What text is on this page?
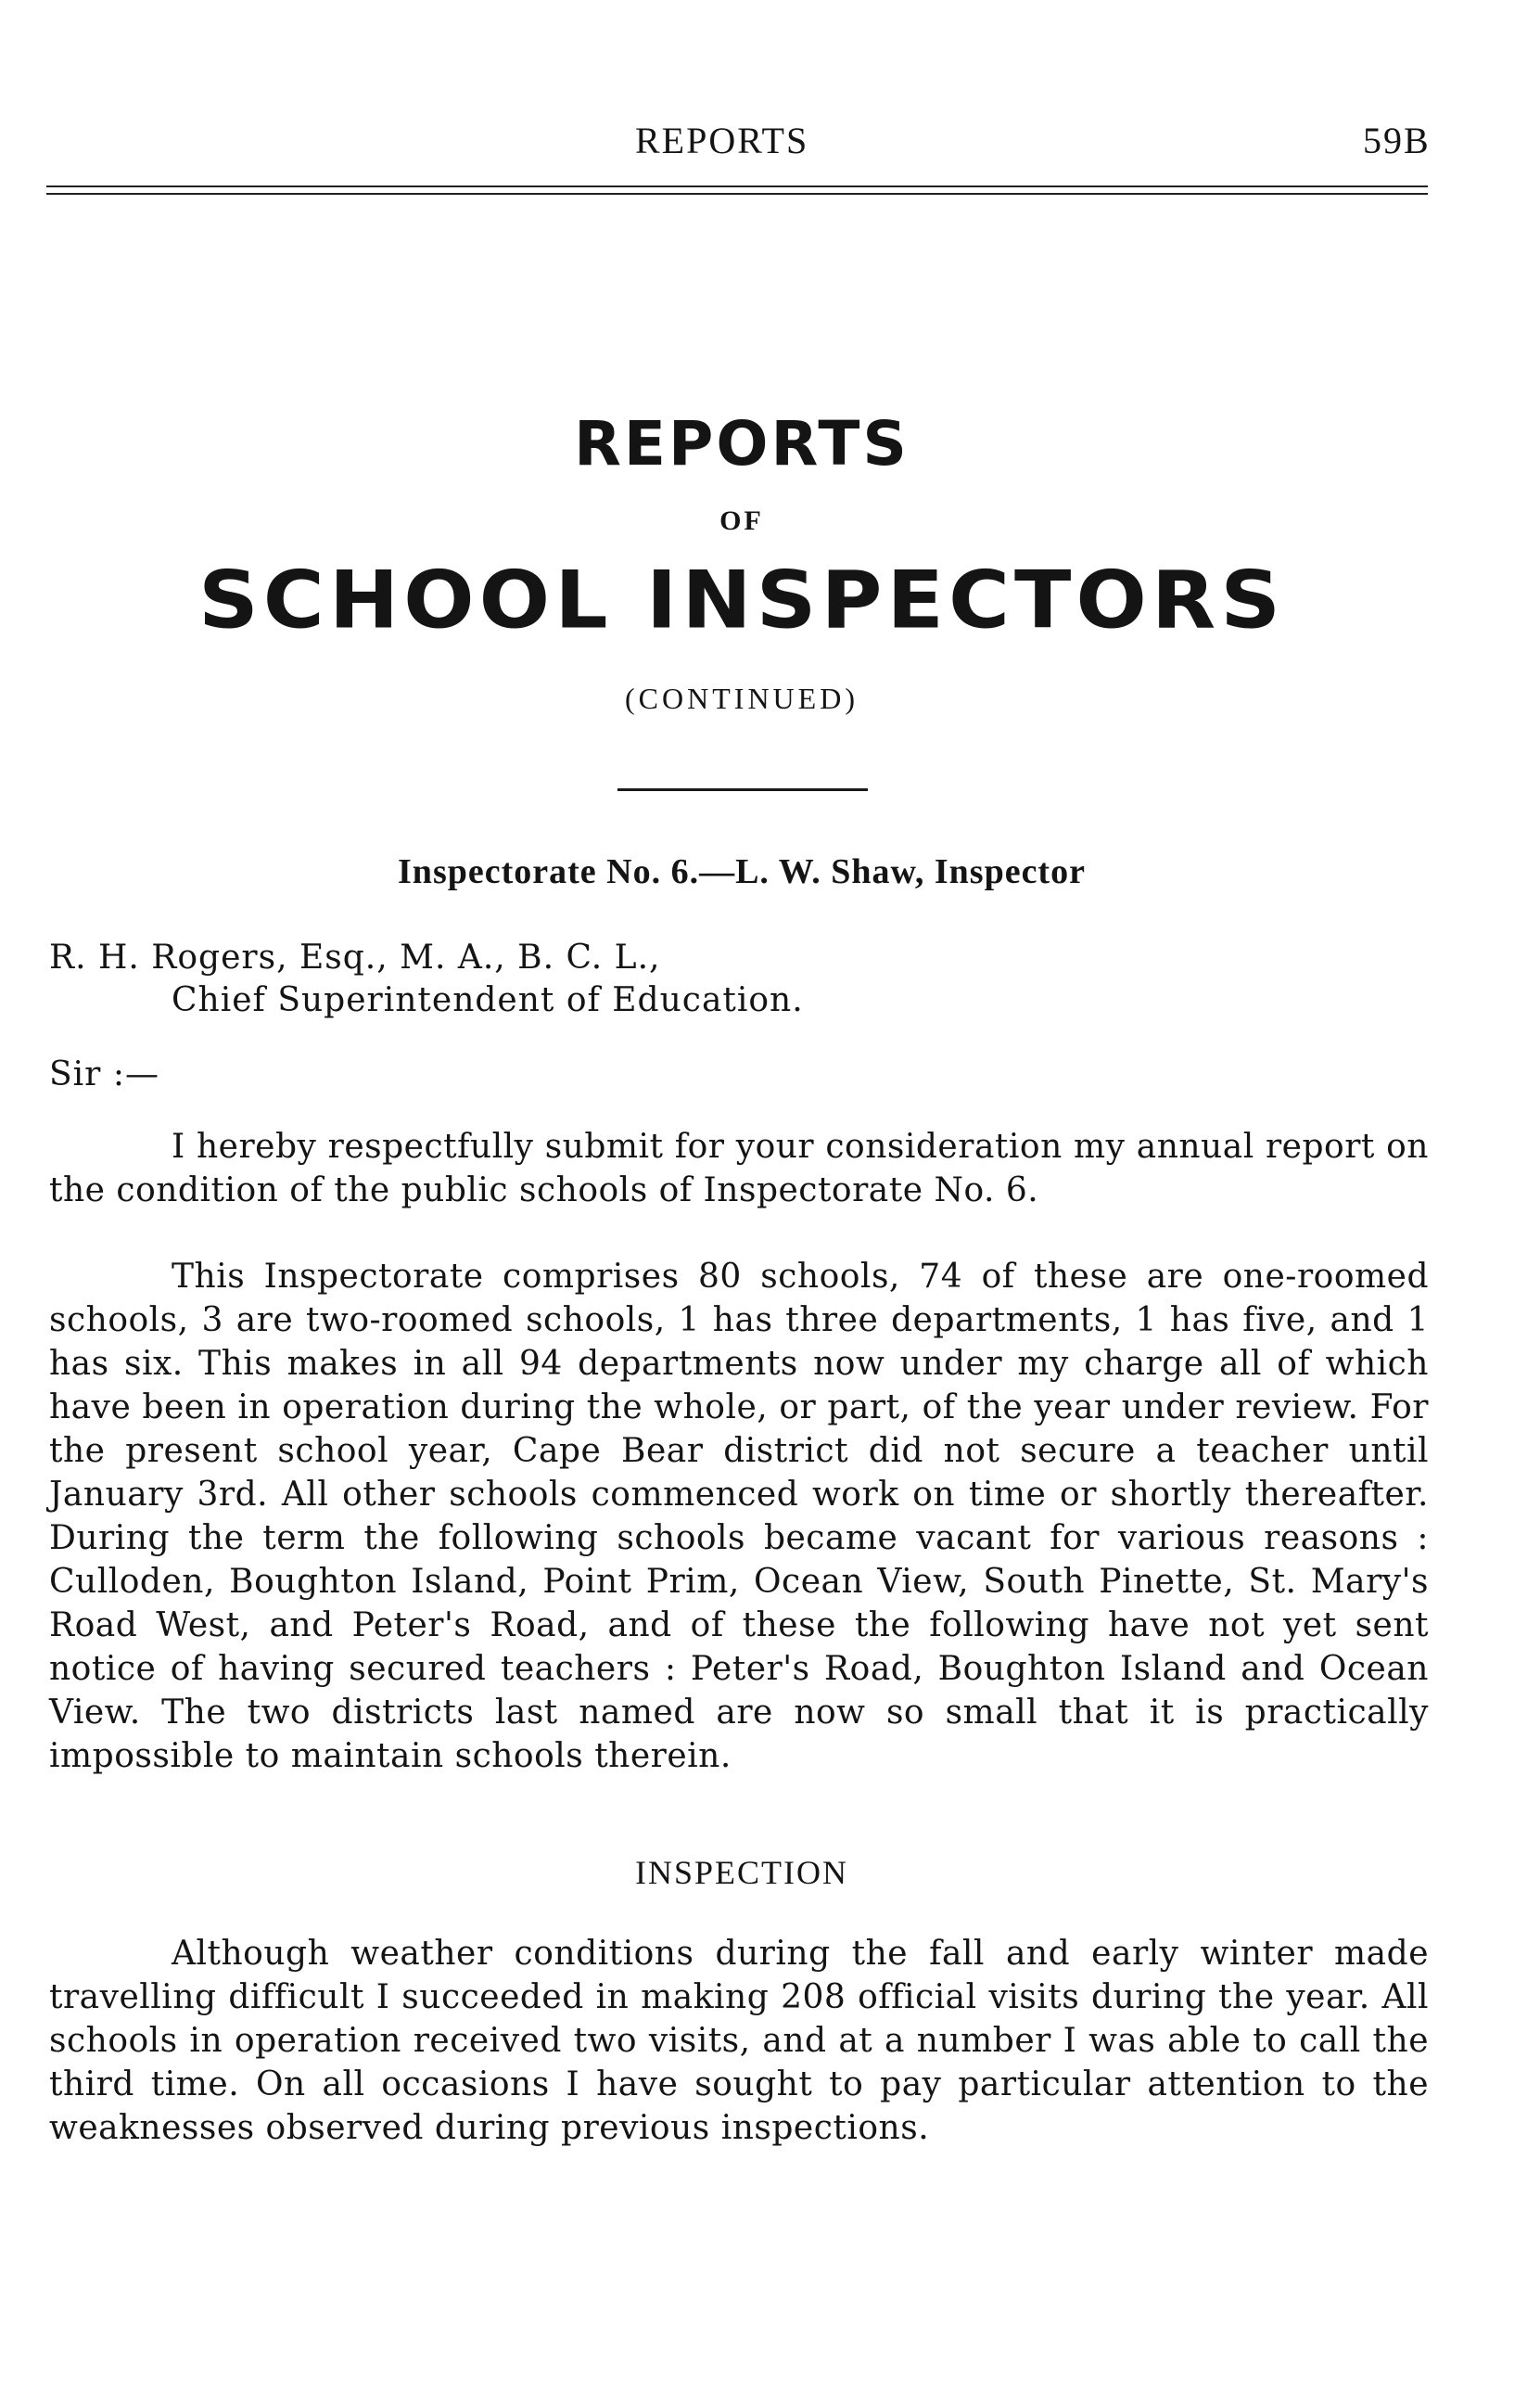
REPORTS	59B
REPORTS
OF
SCHOOL INSPECTORS
(CONTINUED)
Inspectorate No. 6.—L. W. Shaw, Inspector
R. H. Rogers, Esq., M. A., B. C. L.,
Chief Superintendent of Education.
Sir :—
I hereby respectfully submit for your consideration my annual report on the condition of the public schools of Inspectorate No. 6.
This Inspectorate comprises 80 schools, 74 of these are one-roomed schools, 3 are two-roomed schools, 1 has three departments, 1 has five, and 1 has six. This makes in all 94 departments now under my charge all of which have been in operation during the whole, or part, of the year under review. For the present school year, Cape Bear district did not secure a teacher until January 3rd. All other schools commenced work on time or shortly thereafter. During the term the following schools became vacant for various reasons : Culloden, Boughton Island, Point Prim, Ocean View, South Pinette, St. Mary's Road West, and Peter's Road, and of these the following have not yet sent notice of having secured teachers : Peter's Road, Boughton Island and Ocean View. The two districts last named are now so small that it is practically impossible to maintain schools therein.
INSPECTION
Although weather conditions during the fall and early winter made travelling difficult I succeeded in making 208 official visits during the year. All schools in operation received two visits, and at a number I was able to call the third time. On all occasions I have sought to pay particular attention to the weaknesses observed during previous inspections.
